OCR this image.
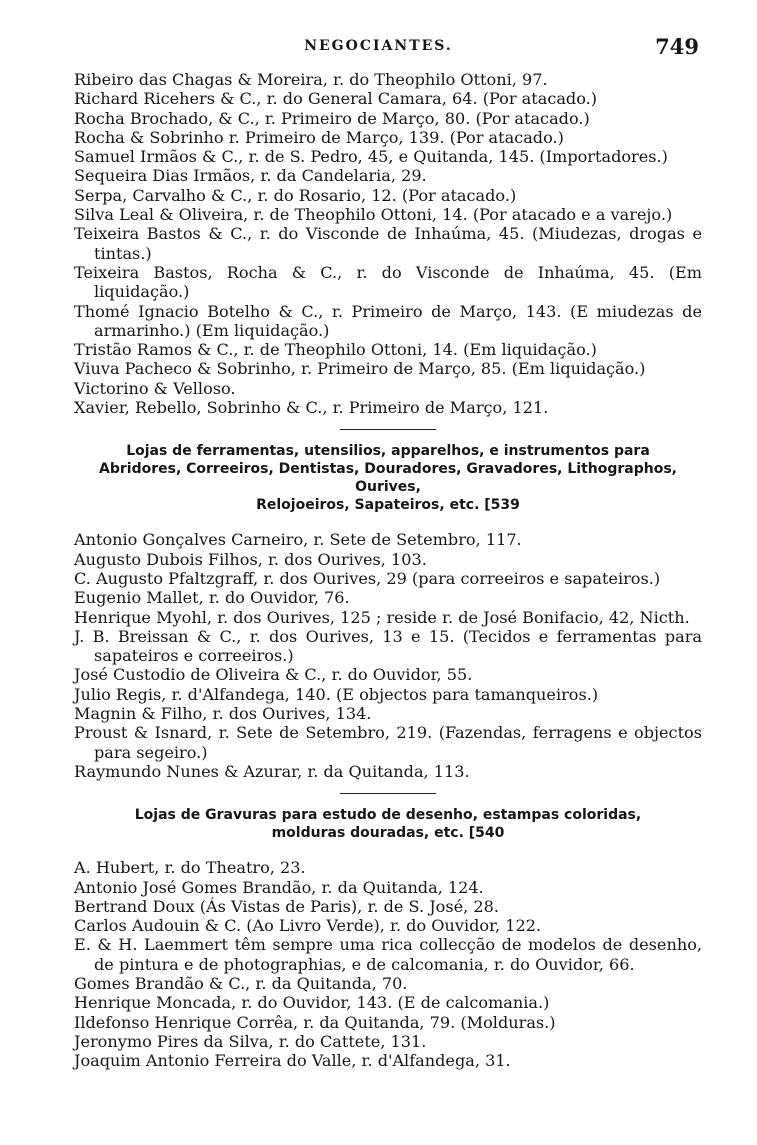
NEGOCIANTES.	749
Ribeiro das Chagas & Moreira, r. do Theophilo Ottoni, 97.
Richard Ricehers & C., r. do General Camara, 64. (Por atacado.)
Rocha Brochado, & C., r. Primeiro de Março, 80. (Por atacado.)
Rocha & Sobrinho r. Primeiro de Março, 139. (Por atacado.)
Samuel Irmãos & C., r. de S. Pedro, 45, e Quitanda, 145. (Importadores.)
Sequeira Dias Irmãos, r. da Candelaria, 29.
Serpa, Carvalho & C., r. do Rosario, 12. (Por atacado.)
Silva Leal & Oliveira, r. de Theophilo Ottoni, 14. (Por atacado e a varejo.)
Teixeira Bastos & C., r. do Visconde de Inhaúma, 45. (Miudezas, drogas e tintas.)
Teixeira Bastos, Rocha & C., r. do Visconde de Inhaúma, 45. (Em liquidação.)
Thomé Ignacio Botelho & C., r. Primeiro de Março, 143. (E miudezas de armarinho.) (Em liquidação.)
Tristão Ramos & C., r. de Theophilo Ottoni, 14. (Em liquidação.)
Viuva Pacheco & Sobrinho, r. Primeiro de Março, 85. (Em liquidação.)
Victorino & Velloso.
Xavier, Rebello, Sobrinho & C., r. Primeiro de Março, 121.
Lojas de ferramentas, utensilios, apparelhos, e instrumentos para
Abridores, Correeiros, Dentistas, Douradores, Gravadores, Lithographos, Ourives,
Relojoeiros, Sapateiros, etc. [539
Antonio Gonçalves Carneiro, r. Sete de Setembro, 117.
Augusto Dubois Filhos, r. dos Ourives, 103.
C. Augusto Pfaltzgraff, r. dos Ourives, 29 (para correeiros e sapateiros.)
Eugenio Mallet, r. do Ouvidor, 76.
Henrique Myohl, r. dos Ourives, 125 ; reside r. de José Bonifacio, 42, Nicth.
J. B. Breissan & C., r. dos Ourives, 13 e 15. (Tecidos e ferramentas para sapateiros e correeiros.)
José Custodio de Oliveira & C., r. do Ouvidor, 55.
Julio Regis, r. d'Alfandega, 140. (E objectos para tamanqueiros.)
Magnin & Filho, r. dos Ourives, 134.
Proust & Isnard, r. Sete de Setembro, 219. (Fazendas, ferragens e objectos para segeiro.)
Raymundo Nunes & Azurar, r. da Quitanda, 113.
Lojas de Gravuras para estudo de desenho, estampas coloridas,
molduras douradas, etc. [540
A. Hubert, r. do Theatro, 23.
Antonio José Gomes Brandão, r. da Quitanda, 124.
Bertrand Doux (Ás Vistas de Paris), r. de S. José, 28.
Carlos Audouin & C. (Ao Livro Verde), r. do Ouvidor, 122.
E. & H. Laemmert têm sempre uma rica collecção de modelos de desenho, de pintura e de photographias, e de calcomania, r. do Ouvidor, 66.
Gomes Brandão & C., r. da Quitanda, 70.
Henrique Moncada, r. do Ouvidor, 143. (E de calcomania.)
Ildefonso Henrique Corrêa, r. da Quitanda, 79. (Molduras.)
Jeronymo Pires da Silva, r. do Cattete, 131.
Joaquim Antonio Ferreira do Valle, r. d'Alfandega, 31.
